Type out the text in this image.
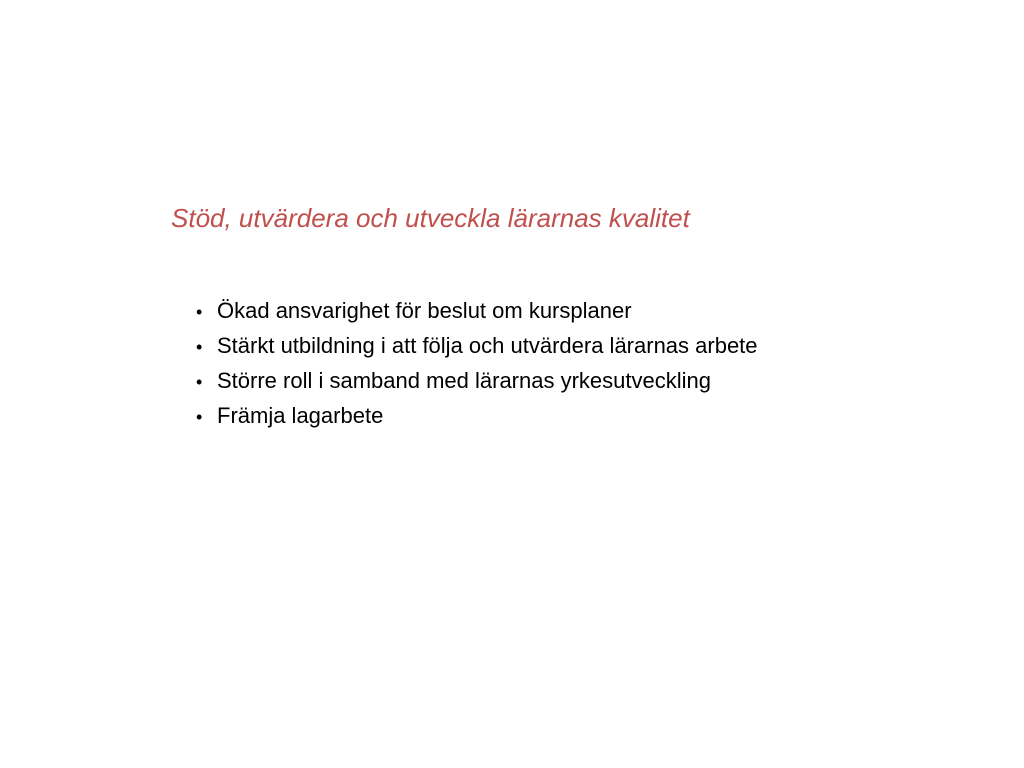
Stöd, utvärdera och utveckla lärarnas kvalitet
• Ökad ansvarighet för beslut om kursplaner
• Stärkt utbildning i att följa och utvärdera lärarnas arbete
• Större roll i samband med lärarnas yrkesutveckling
• Främja lagarbete
